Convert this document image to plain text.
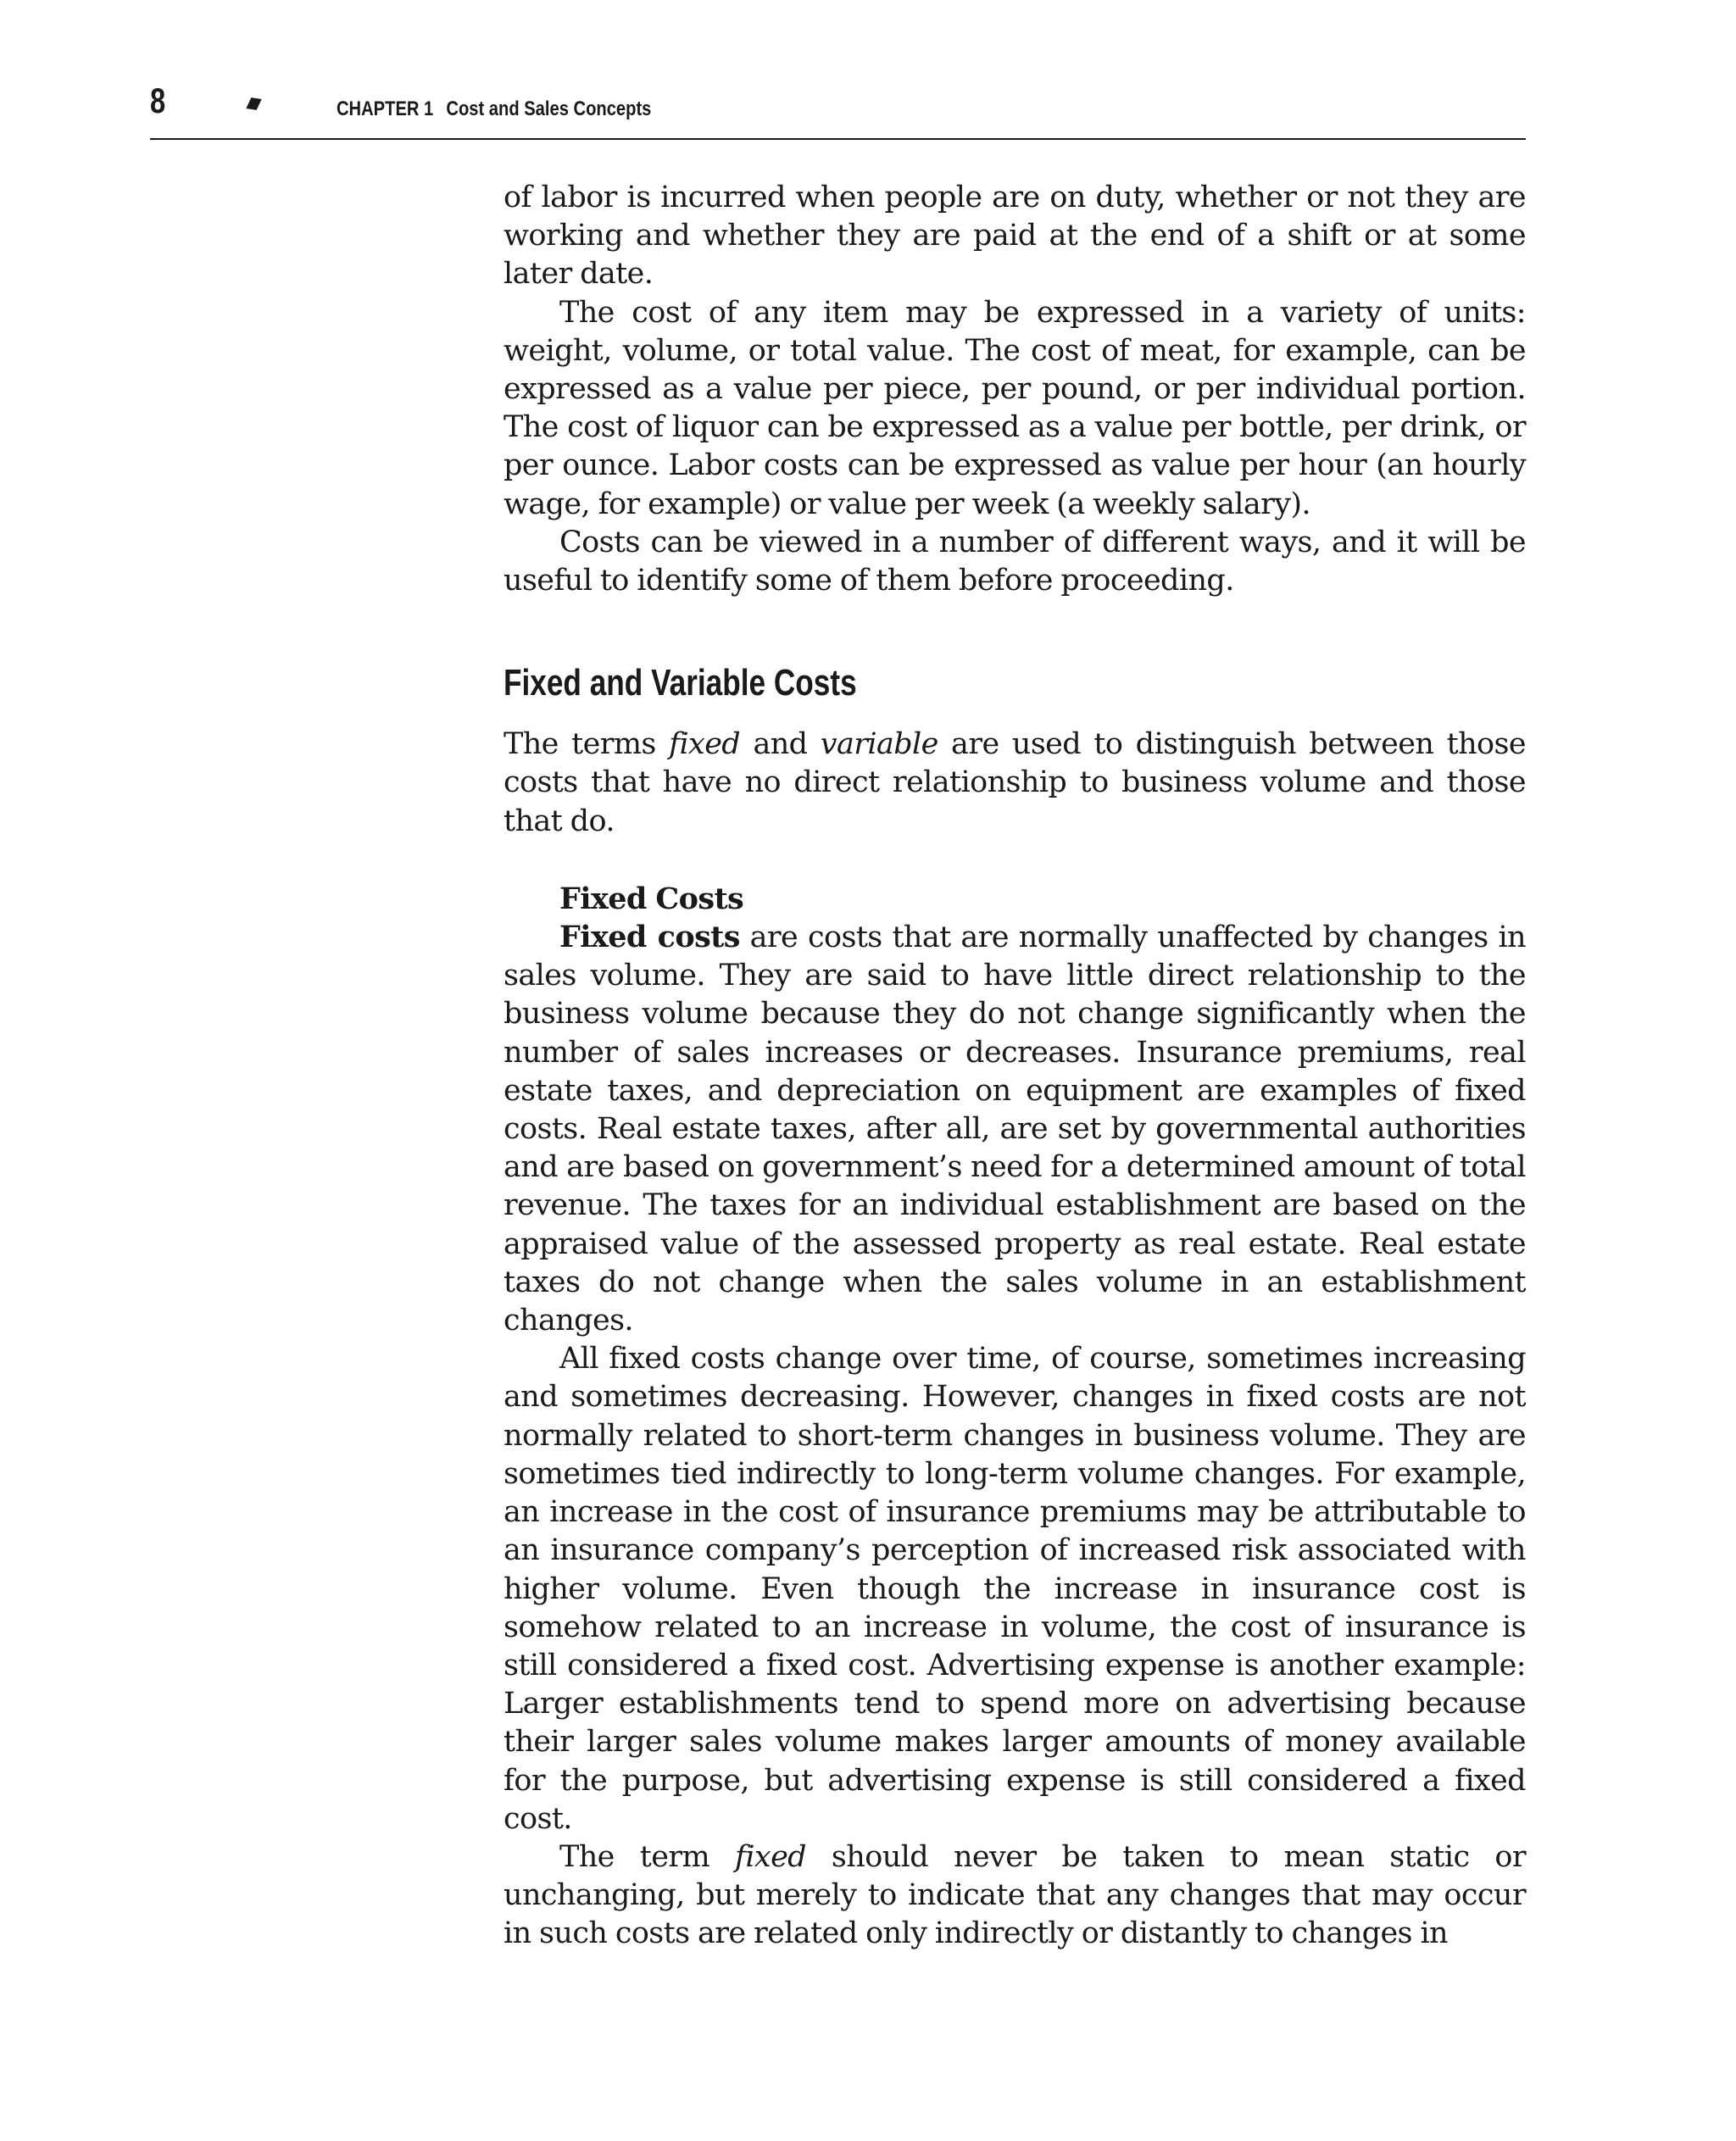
8	CHAPTER 1 Cost and Sales Concepts

of labor is incurred when people are on duty, whether or not they are working and whether they are paid at the end of a shift or at some later date.

The cost of any item may be expressed in a variety of units: weight, volume, or total value. The cost of meat, for example, can be expressed as a value per piece, per pound, or per individual portion. The cost of liquor can be expressed as a value per bottle, per drink, or per ounce. Labor costs can be expressed as value per hour (an hourly wage, for example) or value per week (a weekly salary).

Costs can be viewed in a number of different ways, and it will be useful to identify some of them before proceeding.

Fixed and Variable Costs

The terms fixed and variable are used to distinguish between those costs that have no direct relationship to business volume and those that do.

Fixed Costs

Fixed costs are costs that are normally unaffected by changes in sales volume. They are said to have little direct relationship to the business volume because they do not change significantly when the number of sales increases or decreases. Insurance premiums, real estate taxes, and depreciation on equipment are examples of fixed costs. Real estate taxes, after all, are set by governmental authorities and are based on government’s need for a determined amount of total revenue. The taxes for an individual establishment are based on the appraised value of the assessed property as real estate. Real estate taxes do not change when the sales volume in an establishment changes.

All fixed costs change over time, of course, sometimes increasing and sometimes decreasing. However, changes in fixed costs are not normally related to short-term changes in business volume. They are sometimes tied indirectly to long-term volume changes. For example, an increase in the cost of insurance premiums may be attributable to an insurance company’s perception of increased risk associated with higher volume. Even though the increase in insurance cost is somehow related to an increase in volume, the cost of insurance is still considered a fixed cost. Advertising expense is another example: Larger establishments tend to spend more on advertising because their larger sales volume makes larger amounts of money available for the purpose, but advertising expense is still considered a fixed cost.

The term fixed should never be taken to mean static or unchanging, but merely to indicate that any changes that may occur in such costs are related only indirectly or distantly to changes in
